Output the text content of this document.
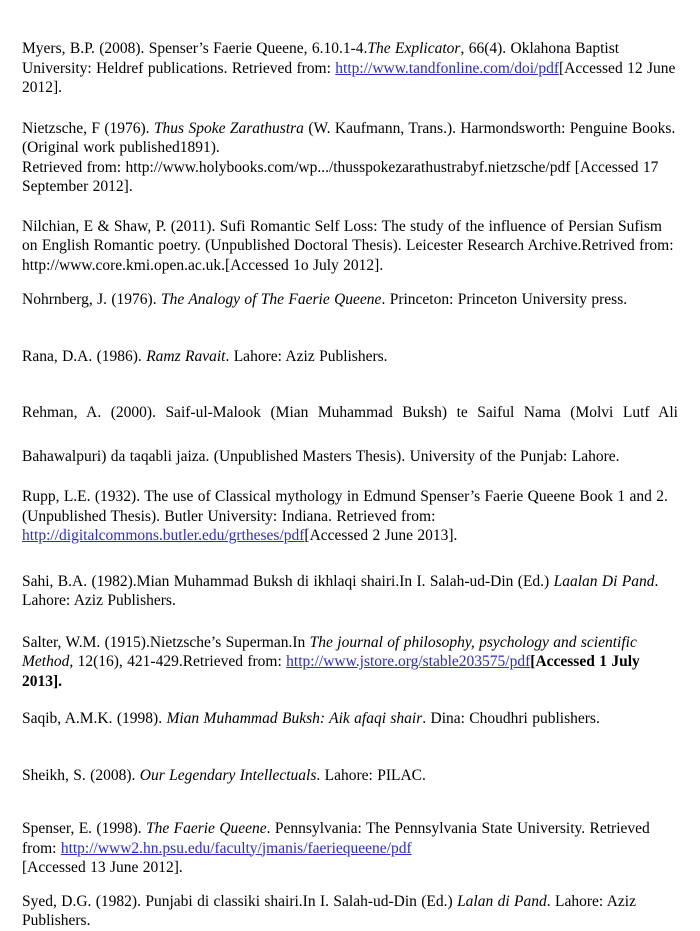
Myers, B.P. (2008). Spenser’s Faerie Queene, 6.10.1-4.The Explicator, 66(4). Oklahona Baptist University: Heldref publications. Retrieved from: http://www.tandfonline.com/doi/pdf[Accessed 12 June 2012].

Nietzsche, F (1976). Thus Spoke Zarathustra (W. Kaufmann, Trans.). Harmondsworth: Penguine Books. (Original work published1891).
Retrieved from: http://www.holybooks.com/wp.../thusspokezarathustrabyf.nietzsche/pdf [Accessed 17 September 2012].

Nilchian, E & Shaw, P. (2011). Sufi Romantic Self Loss: The study of the influence of Persian Sufism on English Romantic poetry. (Unpublished Doctoral Thesis). Leicester Research Archive.Retrived from: http://www.core.kmi.open.ac.uk.[Accessed 1o July 2012].

Nohrnberg, J. (1976). The Analogy of The Faerie Queene. Princeton: Princeton University press.

Rana, D.A. (1986). Ramz Ravait. Lahore: Aziz Publishers.

Rehman, A. (2000). Saif-ul-Malook (Mian Muhammad Buksh) te Saiful Nama (Molvi Lutf Ali Bahawalpuri) da taqabli jaiza. (Unpublished Masters Thesis). University of the Punjab: Lahore.

Rupp, L.E. (1932). The use of Classical mythology in Edmund Spenser’s Faerie Queene Book 1 and 2.(Unpublished Thesis). Butler University: Indiana. Retrieved from: http://digitalcommons.butler.edu/grtheses/pdf[Accessed 2 June 2013].

Sahi, B.A. (1982).Mian Muhammad Buksh di ikhlaqi shairi.In I. Salah-ud-Din (Ed.) Laalan Di Pand. Lahore: Aziz Publishers.

Salter, W.M. (1915).Nietzsche’s Superman.In The journal of philosophy, psychology and scientific Method, 12(16), 421-429.Retrieved from: http://www.jstore.org/stable203575/pdf[Accessed 1 July 2013].

Saqib, A.M.K. (1998). Mian Muhammad Buksh: Aik afaqi shair. Dina: Choudhri publishers.

Sheikh, S. (2008). Our Legendary Intellectuals. Lahore: PILAC.

Spenser, E. (1998). The Faerie Queene. Pennsylvania: The Pennsylvania State University. Retrieved from: http://www2.hn.psu.edu/faculty/jmanis/faeriequeene/pdf
[Accessed 13 June 2012].

Syed, D.G. (1982). Punjabi di classiki shairi.In I. Salah-ud-Din (Ed.) Lalan di Pand. Lahore: Aziz Publishers.
